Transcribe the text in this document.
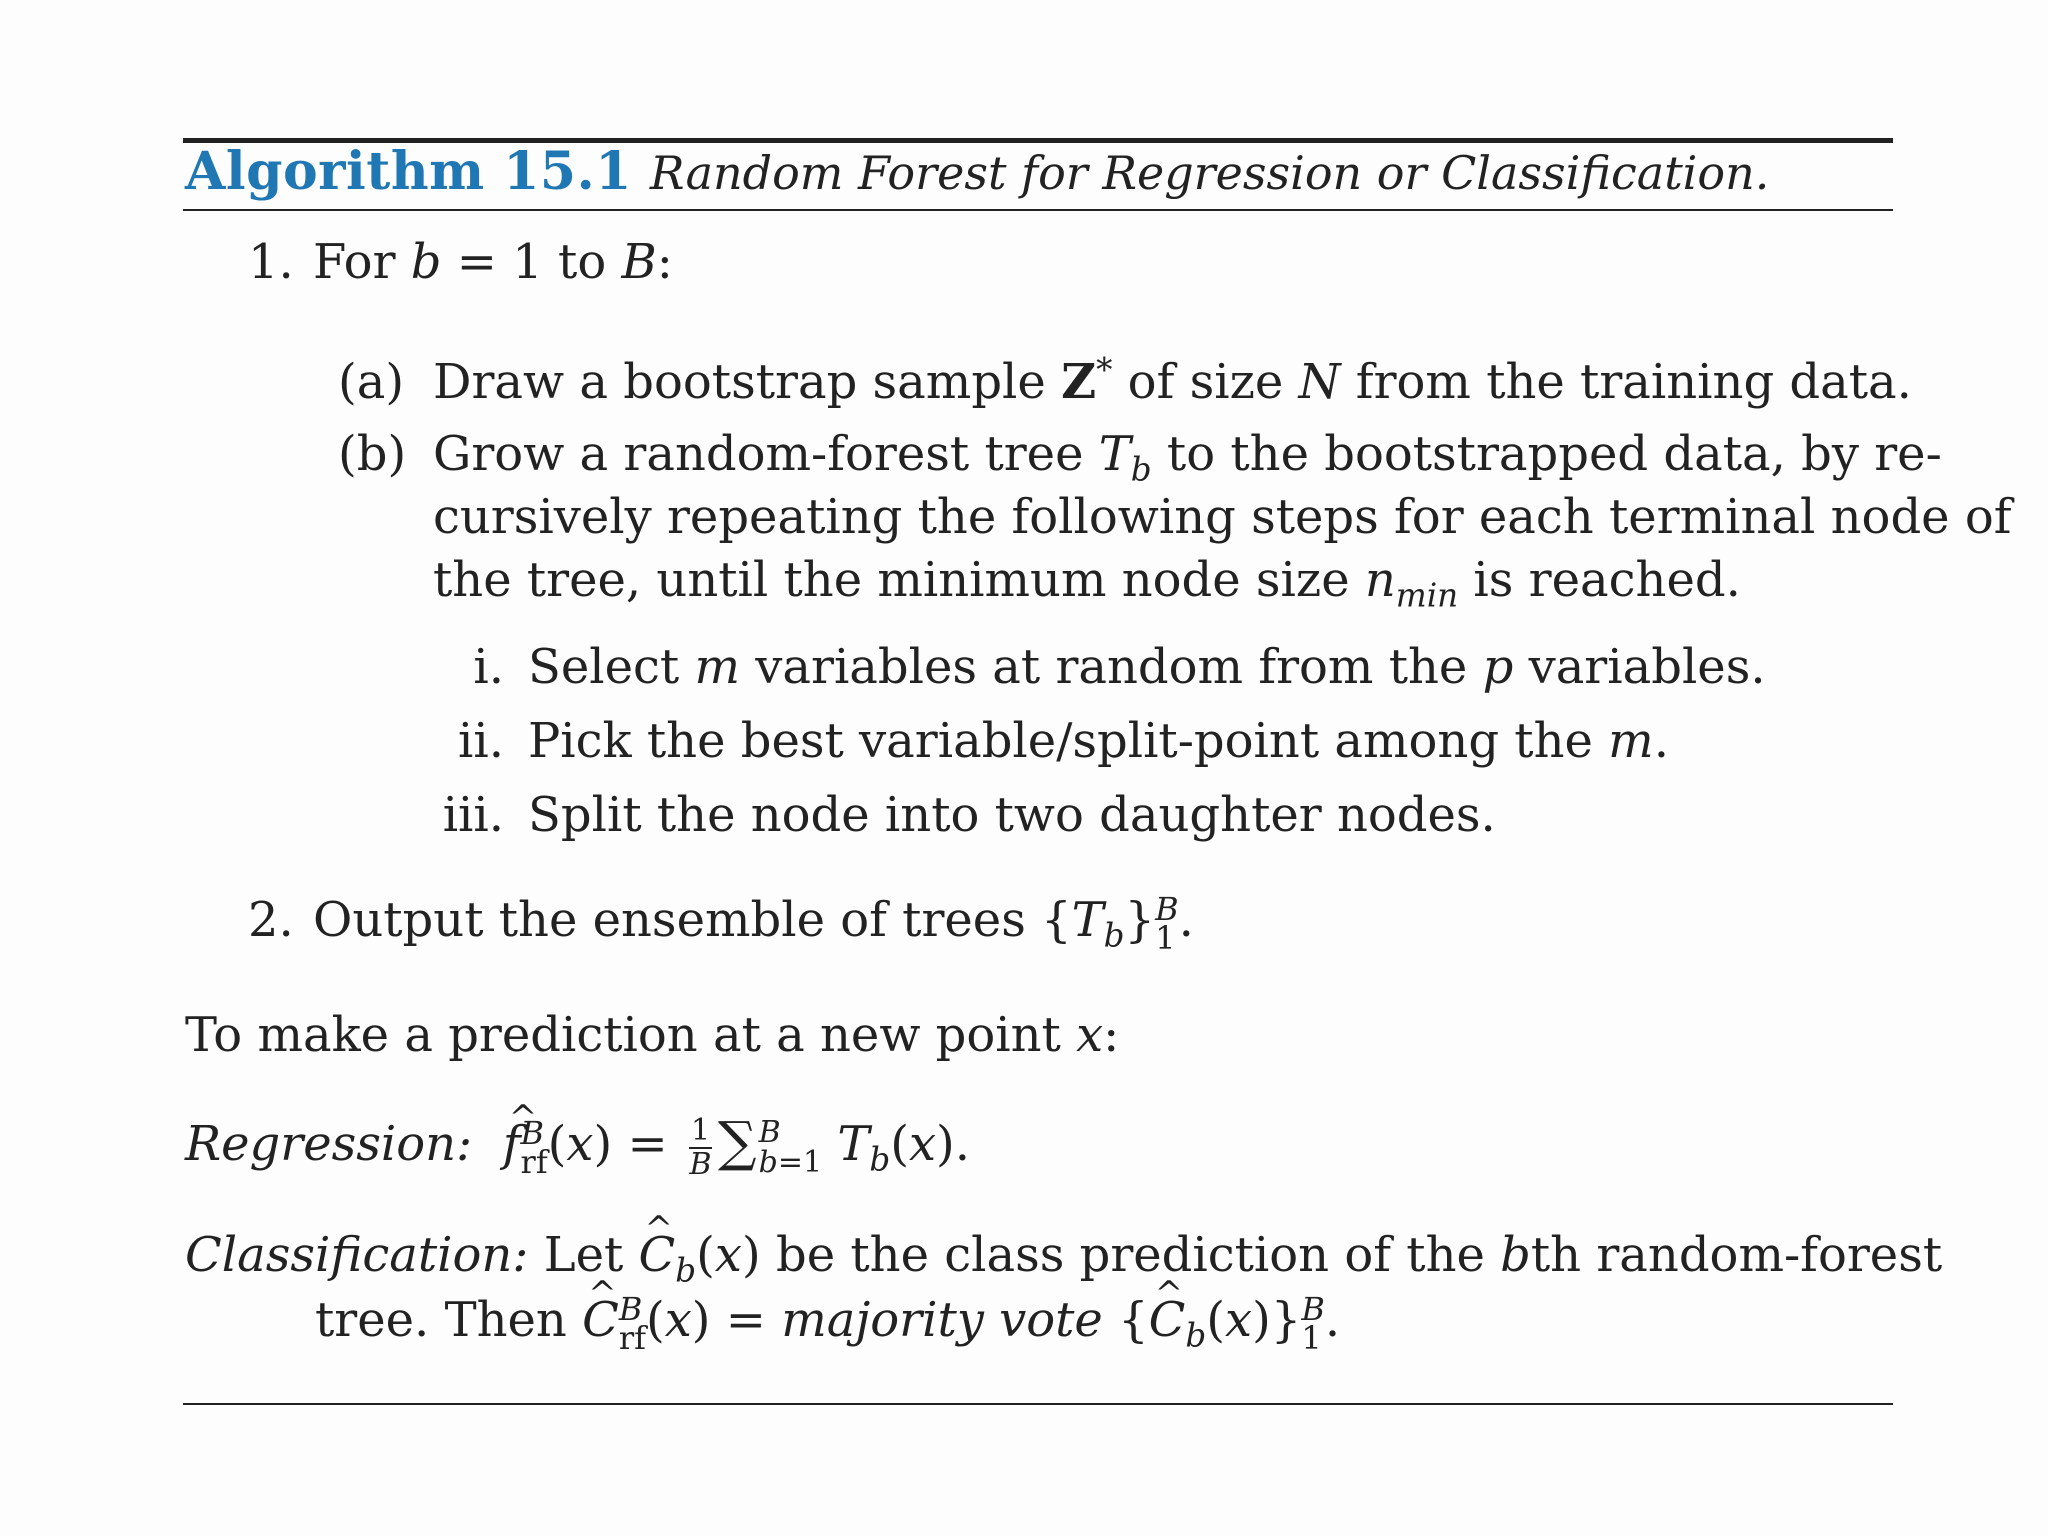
Algorithm 15.1 Random Forest for Regression or Classification.
1. For b = 1 to B:
(a) Draw a bootstrap sample Z* of size N from the training data.
(b) Grow a random-forest tree $T_b$ to the bootstrapped data, by re-
cursively repeating the following steps for each terminal node of
the tree, until the minimum node size $n_{min}$ is reached.
i. Select m variables at random from the p variables.
ii. Pick the best variable/split-point among the m.
iii. Split the node into two daughter nodes.
2. Output the ensemble of trees $\{T_b\}$ B
1 .
To make a prediction at a new point x:
Regression:  ^ f B
rf $(x) = \frac{1}{B}$ ∑ B
b=1 $T_b(x)$.
Classification: Let ^ $C_b(x)$ be the class prediction of the bth random-forest
tree. Then ^ C B
rf (x) = majority vote {^ $C_b(x)$} B
1 .
